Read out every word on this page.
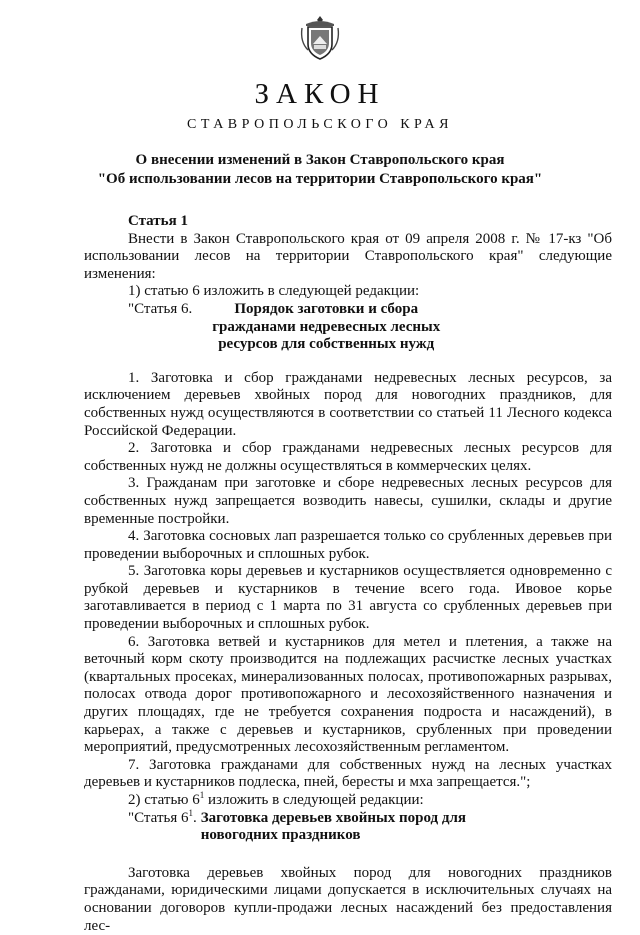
ЗАКОН
СТАВРОПОЛЬСКОГО КРАЯ
О внесении изменений в Закон Ставропольского края
"Об использовании лесов на территории Ставропольского края"

Статья 1

Внести в Закон Ставропольского края от 09 апреля 2008 г. № 17-кз "Об использовании лесов на территории Ставропольского края" следующие изменения:

1) статью 6 изложить в следующей редакции:

"Статья 6.	Порядок заготовки и сбора гражданами недревесных лесных ресурсов для собственных нужд

1. Заготовка и сбор гражданами недревесных лесных ресурсов, за исключением деревьев хвойных пород для новогодних праздников, для собственных нужд осуществляются в соответствии со статьей 11 Лесного кодекса Российской Федерации.

2. Заготовка и сбор гражданами недревесных лесных ресурсов для собственных нужд не должны осуществляться в коммерческих целях.

3. Гражданам при заготовке и сборе недревесных лесных ресурсов для собственных нужд запрещается возводить навесы, сушилки, склады и другие временные постройки.

4. Заготовка сосновых лап разрешается только со срубленных деревьев при проведении выборочных и сплошных рубок.

5. Заготовка коры деревьев и кустарников осуществляется одновременно с рубкой деревьев и кустарников в течение всего года. Ивовое корье заготавливается в период с 1 марта по 31 августа со срубленных деревьев при проведении выборочных и сплошных рубок.

6. Заготовка ветвей и кустарников для метел и плетения, а также на веточный корм скоту производится на подлежащих расчистке лесных участках (квартальных просеках, минерализованных полосах, противопожарных разрывах, полосах отвода дорог противопожарного и лесохозяйственного назначения и других площадях, где не требуется сохранения подроста и насаждений), в карьерах, а также с деревьев и кустарников, срубленных при проведении мероприятий, предусмотренных лесохозяйственным регламентом.

7. Заготовка гражданами для собственных нужд на лесных участках деревьев и кустарников подлеска, пней, бересты и мха запрещается.";

2) статью $6^1$ изложить в следующей редакции:

"Статья $6^1$. Заготовка деревьев хвойных пород для новогодних праздников

Заготовка деревьев хвойных пород для новогодних праздников гражданами, юридическими лицами допускается в исключительных случаях на основании договоров купли-продажи лесных насаждений без предоставления лес-
